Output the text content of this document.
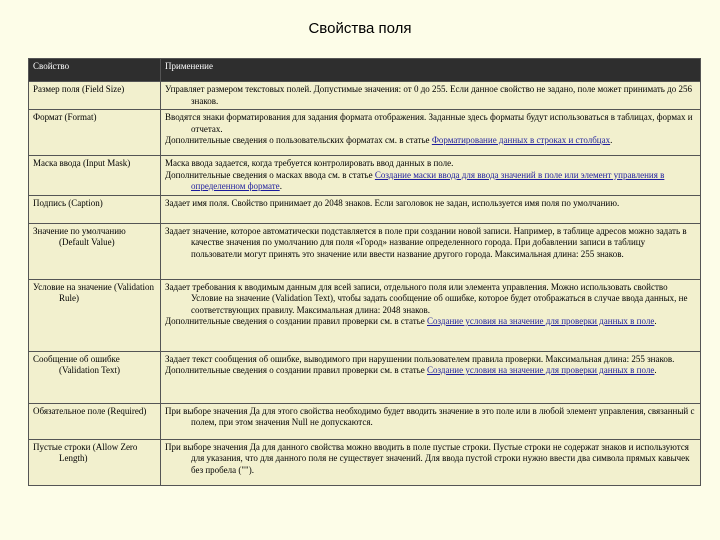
Свойства поля
Свойство	Применение

Размер поля (Field Size)	Управляет размером текстовых полей. Допустимые значения: от 0 до 255. Если данное свойство не задано, поле может принимать до 256 знаков.

Формат (Format)	Вводятся знаки форматирования для задания формата отображения. Заданные здесь форматы будут использоваться в таблицах, формах и отчетах.

Дополнительные сведения о пользовательских форматах см. в статье Форматирование данных в строках и столбцах.

Маска ввода (Input Mask)	Маска ввода задается, когда требуется контролировать ввод данных в поле.

Дополнительные сведения о масках ввода см. в статье Создание маски ввода для ввода значений в поле или элемент управления в определенном формате.

Подпись (Caption)	Задает имя поля. Свойство принимает до 2048 знаков. Если заголовок не задан, используется имя поля по умолчанию.

Значение по умолчанию (Default Value)	Задает значение, которое автоматически подставляется в поле при создании новой записи. Например, в таблице адресов можно задать в качестве значения по умолчанию для поля «Город» название определенного города. При добавлении записи в таблицу пользователи могут принять это значение или ввести название другого города. Максимальная длина: 255 знаков.

Условие на значение (Validation Rule)	Задает требования к вводимым данным для всей записи, отдельного поля или элемента управления. Можно использовать свойство Условие на значение (Validation Text), чтобы задать сообщение об ошибке, которое будет отображаться в случае ввода данных, не соответствующих правилу. Максимальная длина: 2048 знаков.

Дополнительные сведения о создании правил проверки см. в статье Создание условия на значение для проверки данных в поле.

Сообщение об ошибке (Validation Text)	Задает текст сообщения об ошибке, выводимого при нарушении пользователем правила проверки. Максимальная длина: 255 знаков.

Дополнительные сведения о создании правил проверки см. в статье Создание условия на значение для проверки данных в поле.

Обязательное поле (Required)	При выборе значения Да для этого свойства необходимо будет вводить значение в это поле или в любой элемент управления, связанный с полем, при этом значения Null не допускаются.

Пустые строки (Allow Zero Length)	При выборе значения Да для данного свойства можно вводить в поле пустые строки. Пустые строки не содержат знаков и используются для указания, что для данного поля не существует значений. Для ввода пустой строки нужно ввести два символа прямых кавычек без пробела ("").
